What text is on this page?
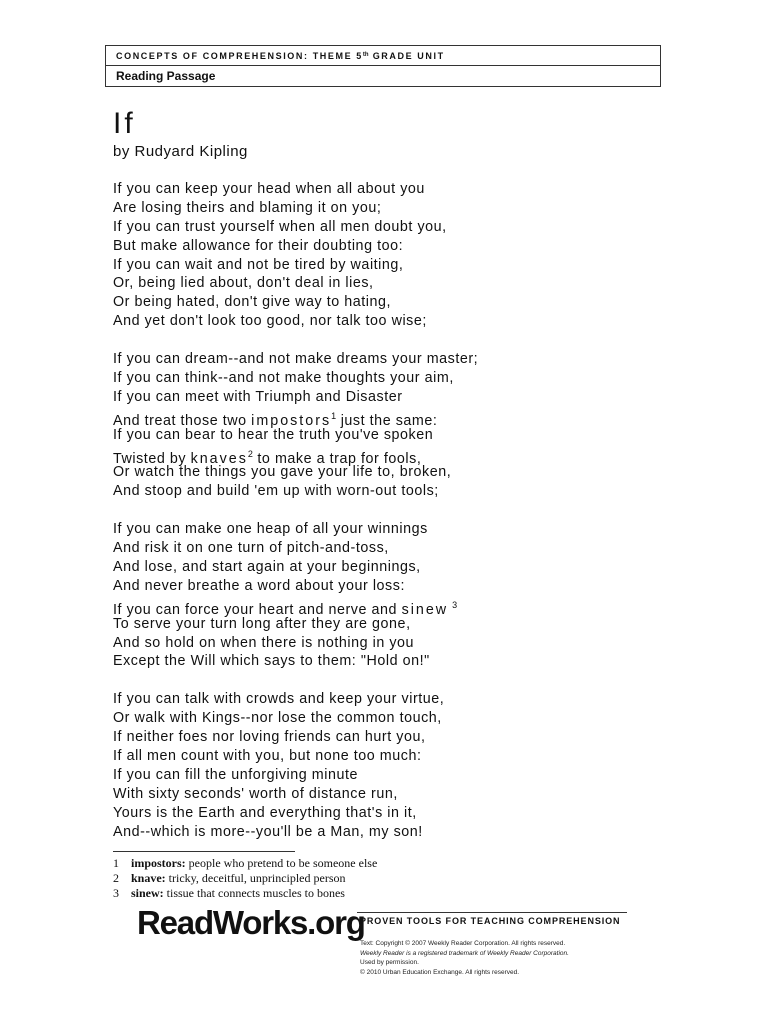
CONCEPTS OF COMPREHENSION: THEME 5th GRADE UNIT
Reading Passage
If
by Rudyard Kipling
If you can keep your head when all about you
Are losing theirs and blaming it on you;
If you can trust yourself when all men doubt you,
But make allowance for their doubting too:
If you can wait and not be tired by waiting,
Or, being lied about, don't deal in lies,
Or being hated, don't give way to hating,
And yet don't look too good, nor talk too wise;
If you can dream--and not make dreams your master;
If you can think--and not make thoughts your aim,
If you can meet with Triumph and Disaster
And treat those two impostors$^1$ just the same:
If you can bear to hear the truth you've spoken
Twisted by knaves$^2$ to make a trap for fools,
Or watch the things you gave your life to, broken,
And stoop and build 'em up with worn-out tools;
If you can make one heap of all your winnings
And risk it on one turn of pitch-and-toss,
And lose, and start again at your beginnings,
And never breathe a word about your loss:
If you can force your heart and nerve and sinew $^3$
To serve your turn long after they are gone,
And so hold on when there is nothing in you
Except the Will which says to them: "Hold on!"
If you can talk with crowds and keep your virtue,
Or walk with Kings--nor lose the common touch,
If neither foes nor loving friends can hurt you,
If all men count with you, but none too much:
If you can fill the unforgiving minute
With sixty seconds' worth of distance run,
Yours is the Earth and everything that's in it,
And--which is more--you'll be a Man, my son!
1 impostors: people who pretend to be someone else
2 knave: tricky, deceitful, unprincipled person
3 sinew: tissue that connects muscles to bones
ReadWorks.org
PROVEN TOOLS FOR TEACHING COMPREHENSION
Text: Copyright © 2007 Weekly Reader Corporation. All rights reserved.
Weekly Reader is a registered trademark of Weekly Reader Corporation.
Used by permission.
© 2010 Urban Education Exchange. All rights reserved.
